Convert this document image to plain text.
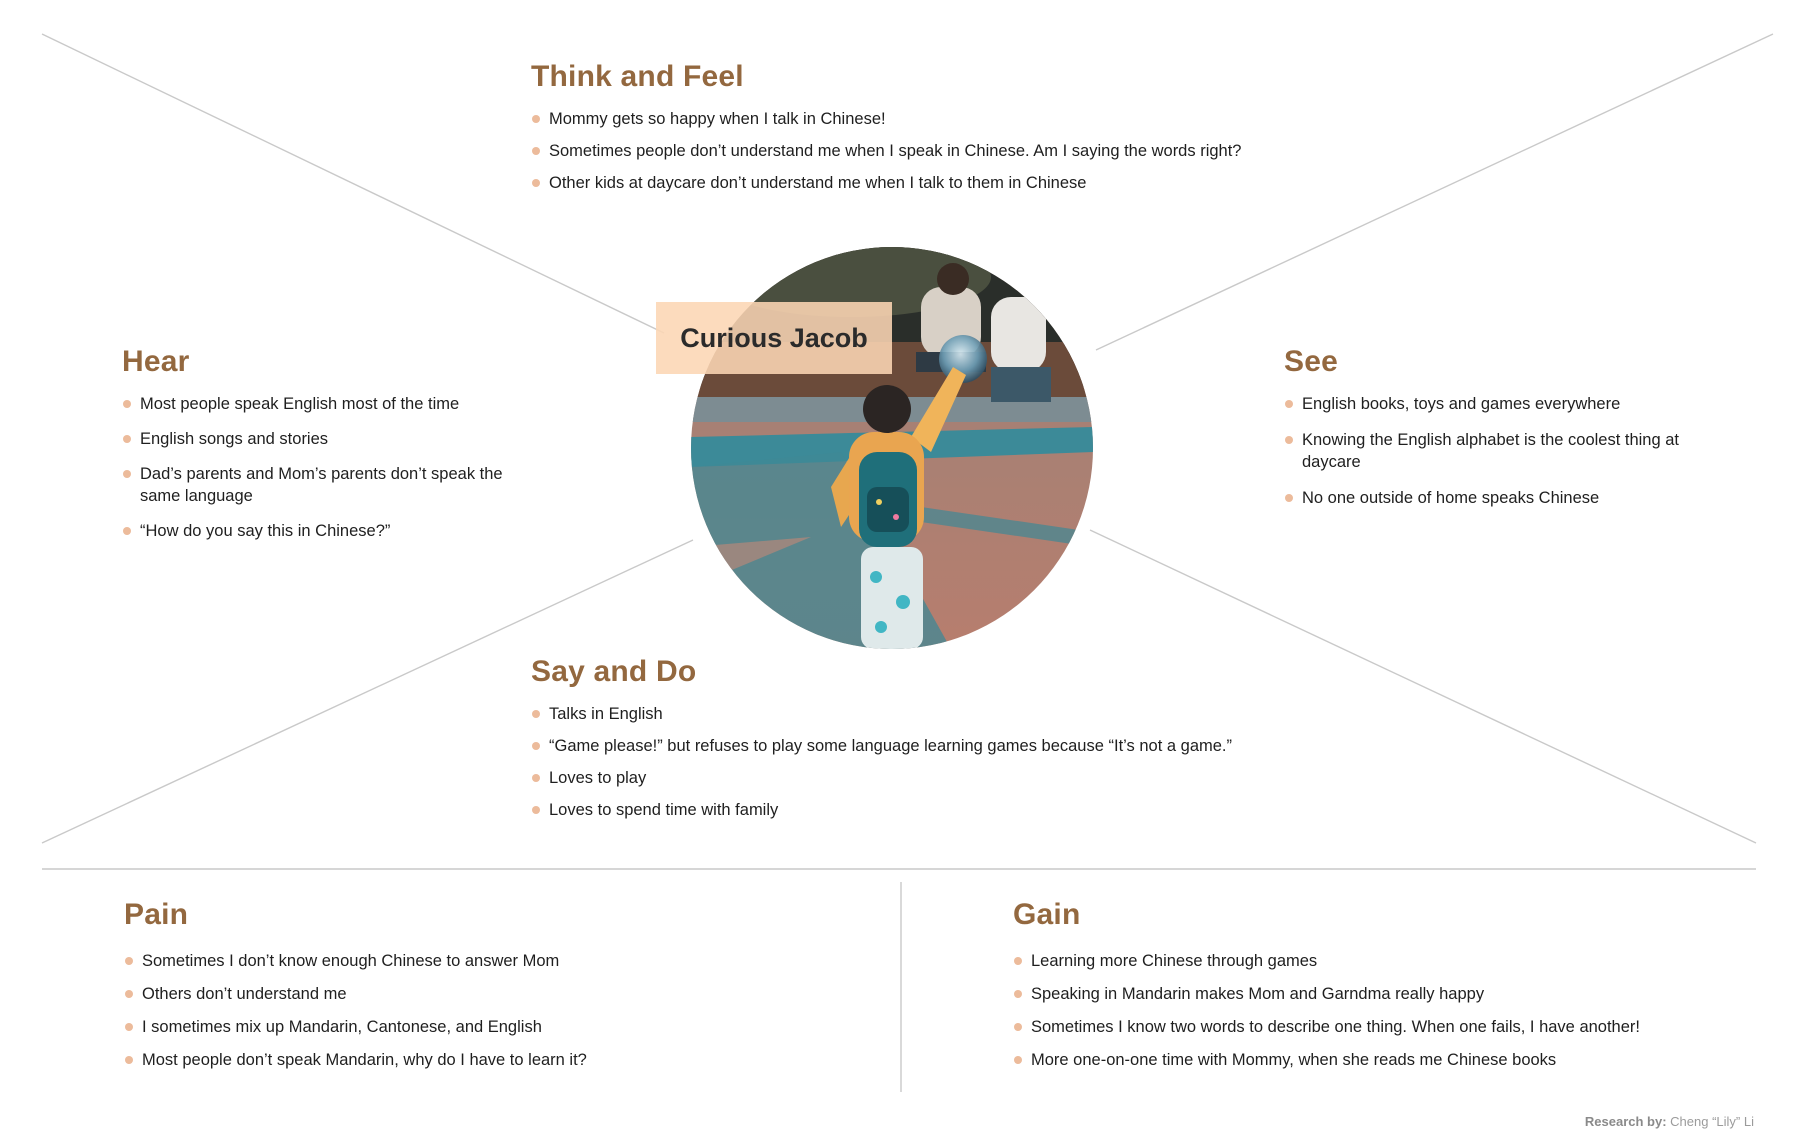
Curious Jacob
Think and Feel
Mommy gets so happy when I talk in Chinese!
Sometimes people don’t understand me when I speak in Chinese. Am I saying the words right?
Other kids at daycare don’t understand me when I talk to them in Chinese
Hear
Most people speak English most of the time
English songs and stories
Dad’s parents and Mom’s parents don’t speak the same language
“How do you say this in Chinese?”
See
English books, toys and games everywhere
Knowing the English alphabet is the coolest thing at daycare
No one outside of home speaks Chinese
Say and Do
Talks in English
“Game please!” but refuses to play some language learning games because “It’s not a game.”
Loves to play
Loves to spend time with family
Pain
Sometimes I don’t know enough Chinese to answer Mom
Others don’t understand me
I sometimes mix up Mandarin, Cantonese, and English
Most people don’t speak Mandarin, why do I have to learn it?
Gain
Learning more Chinese through games
Speaking in Mandarin makes Mom and Garndma really happy
Sometimes I know two words to describe one thing. When one fails, I have another!
More one-on-one time with Mommy, when she reads me Chinese books
Research by: Cheng “Lily” Li
